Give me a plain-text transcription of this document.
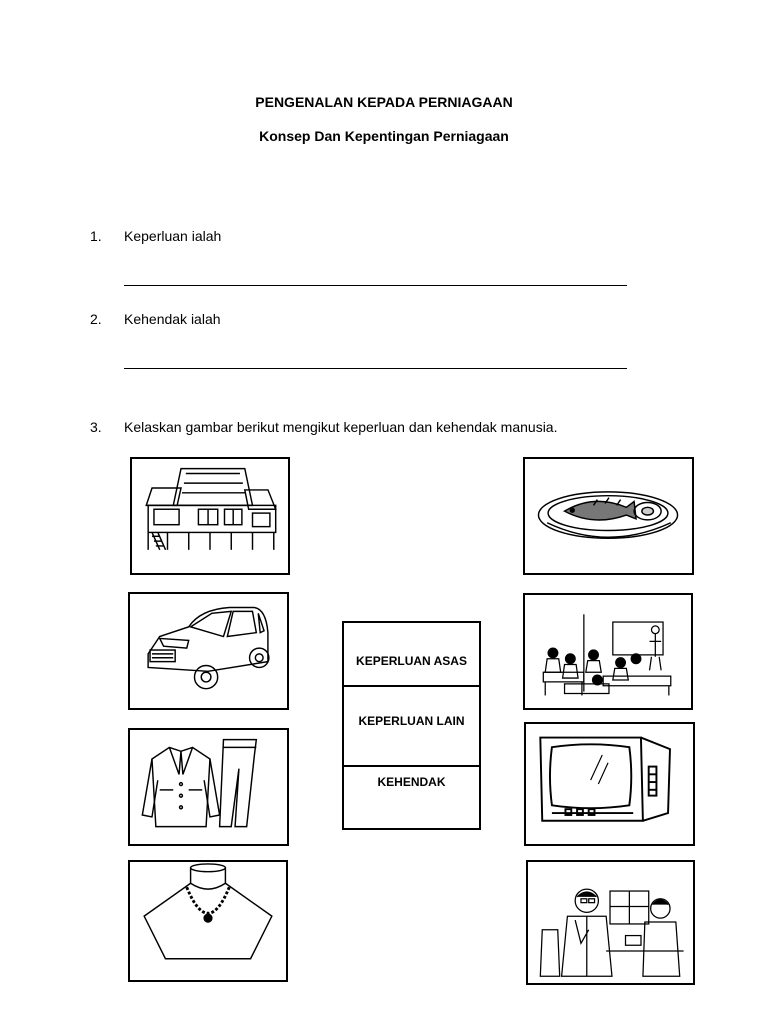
PENGENALAN KEPADA PERNIAGAAN
Konsep Dan Kepentingan Perniagaan
1. Keperluan ialah
2. Kehendak ialah
3. Kelaskan gambar berikut mengikut keperluan dan kehendak manusia.
KEPERLUAN ASAS
KEPERLUAN LAIN
KEHENDAK
